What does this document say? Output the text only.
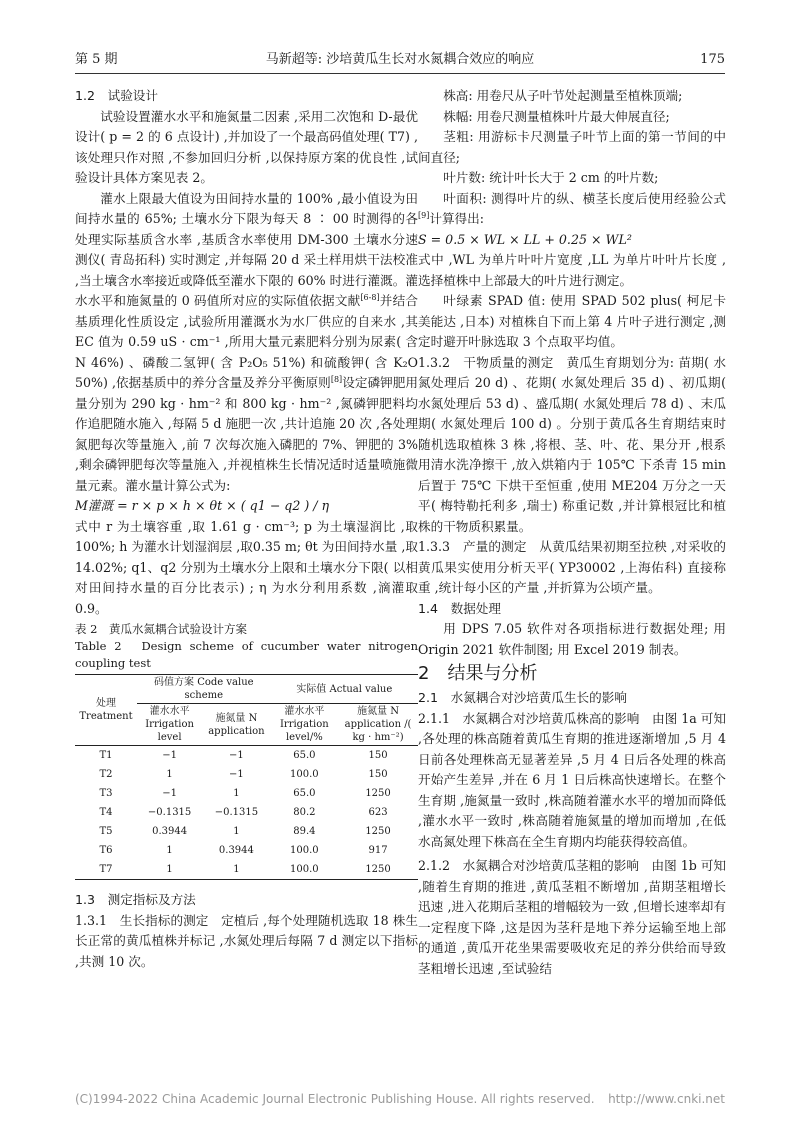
第 5 期	马新超等: 沙培黄瓜生长对水氮耦合效应的响应	175

1.2　试验设计

试验设置灌水水平和施氮量二因素 ,采用二次饱和 D-最优设计( p = 2 的 6 点设计) ,并加设了一个最高码值处理( T7) ,该处理只作对照 ,不参加回归分析 ,以保持原方案的优良性 ,试验设计具体方案见表 2。

灌水上限最大值设为田间持水量的 100% ,最小值设为田间持水量的 65%; 土壤水分下限为每天 8 ∶ 00 时测得的各处理实际基质含水率 ,基质含水率使用 DM-300 土壤水分速测仪( 青岛拓科) 实时测定 ,并每隔 20 d 采土样用烘干法校准 ,当土壤含水率接近或降低至灌水下限的 60% 时进行灌溉。灌水水平和施氮量的 0 码值所对应的实际值依据文献[6-8]并结合基质理化性质设定 ,试验所用灌溉水为水厂供应的自来水 ,其 EC 值为 0.59 uS · cm⁻¹ ,所用大量元素肥料分别为尿素( 含 N 46%) 、磷酸二氢钾( 含 P₂O₅ 51%) 和硫酸钾( 含 K₂O 50%) ,依据基质中的养分含量及养分平衡原则[8]设定磷钾肥用量分别为 290 kg · hm⁻² 和 800 kg · hm⁻² ,氮磷钾肥料均作追肥随水施入 ,每隔 5 d 施肥一次 ,共计追施 20 次 ,各处理氮肥每次等量施入 ,前 7 次每次施入磷肥的 7%、钾肥的 3% ,剩余磷钾肥每次等量施入 ,并视植株生长情况适时适量喷施微量元素。灌水量计算公式为:

M灌溉 = r × p × h × θt × ( q1 − q2 ) / η

式中 r 为土壤容重 ,取 1.61 g · cm⁻³; p 为土壤湿润比 ,取100%; h 为灌水计划湿润层 ,取0.35 m; θt 为田间持水量 ,取 14.02%; q1、q2 分别为土壤水分上限和土壤水分下限( 以相对田间持水量的百分比表示) ; η 为水分利用系数 ,滴灌取 0.9。

表 2　黄瓜水氮耦合试验设计方案

Table 2　Design scheme of cucumber water nitrogen coupling test

处理 Treatment	码值方案 Code value scheme		实际值 Actual value	
	灌水水平 Irrigation level	施氮量 N application	灌水水平 Irrigation level/%	施氮量 N application /( kg · hm⁻²)
T1	−1	−1	65.0	150
T2	1	−1	100.0	150
T3	−1	1	65.0	1250
T4	−0.1315	−0.1315	80.2	623
T5	0.3944	1	89.4	1250
T6	1	0.3944	100.0	917
T7	1	1	100.0	1250

1.3　测定指标及方法

1.3.1　生长指标的测定　定植后 ,每个处理随机选取 18 株生长正常的黄瓜植株并标记 ,水氮处理后每隔 7 d 测定以下指标 ,共测 10 次。

株高: 用卷尺从子叶节处起测量至植株顶端;

株幅: 用卷尺测量植株叶片最大伸展直径;

茎粗: 用游标卡尺测量子叶节上面的第一节间的中间直径;

叶片数: 统计叶长大于 2 cm 的叶片数;

叶面积: 测得叶片的纵、横茎长度后使用经验公式[9]计算得出:

S = 0.5 × WL × LL + 0.25 × WL²

式中 ,WL 为单片叶叶片宽度 ,LL 为单片叶叶片长度 ,选择植株中上部最大的叶片进行测定。

叶绿素 SPAD 值: 使用 SPAD 502 plus( 柯尼卡美能达 ,日本) 对植株自下而上第 4 片叶子进行测定 ,测定时避开叶脉选取 3 个点取平均值。

1.3.2　干物质量的测定　黄瓜生育期划分为: 苗期( 水氮处理后 20 d) 、花期( 水氮处理后 35 d) 、初瓜期( 水氮处理后 53 d) 、盛瓜期( 水氮处理后 78 d) 、末瓜期( 水氮处理后 100 d) 。分别于黄瓜各生育期结束时随机选取植株 3 株 ,将根、茎、叶、花、果分开 ,根系用清水洗净擦干 ,放入烘箱内于 105℃ 下杀青 15 min 后置于 75℃ 下烘干至恒重 ,使用 ME204 万分之一天平( 梅特勒托利多 ,瑞士) 称重记数 ,并计算根冠比和植株的干物质积累量。

1.3.3　产量的测定　从黄瓜结果初期至拉秧 ,对采收的黄瓜果实使用分析天平( YP30002 ,上海佑科) 直接称重 ,统计每小区的产量 ,并折算为公顷产量。

1.4　数据处理

用 DPS 7.05 软件对各项指标进行数据处理; 用 Origin 2021 软件制图; 用 Excel 2019 制表。

2　结果与分析

2.1　水氮耦合对沙培黄瓜生长的影响

2.1.1　水氮耦合对沙培黄瓜株高的影响　由图 1a 可知 ,各处理的株高随着黄瓜生育期的推进逐渐增加 ,5 月 4 日前各处理株高无显著差异 ,5 月 4 日后各处理的株高开始产生差异 ,并在 6 月 1 日后株高快速增长。在整个生育期 ,施氮量一致时 ,株高随着灌水水平的增加而降低 ,灌水水平一致时 ,株高随着施氮量的增加而增加 ,在低水高氮处理下株高在全生育期内均能获得较高值。

2.1.2　水氮耦合对沙培黄瓜茎粗的影响　由图 1b 可知 ,随着生育期的推进 ,黄瓜茎粗不断增加 ,苗期茎粗增长迅速 ,进入花期后茎粗的增幅较为一致 ,但增长速率却有一定程度下降 ,这是因为茎秆是地下养分运输至地上部的通道 ,黄瓜开花坐果需要吸收充足的养分供给而导致茎粗增长迅速 ,至试验结

(C)1994-2022 China Academic Journal Electronic Publishing House. All rights reserved. http://www.cnki.net
